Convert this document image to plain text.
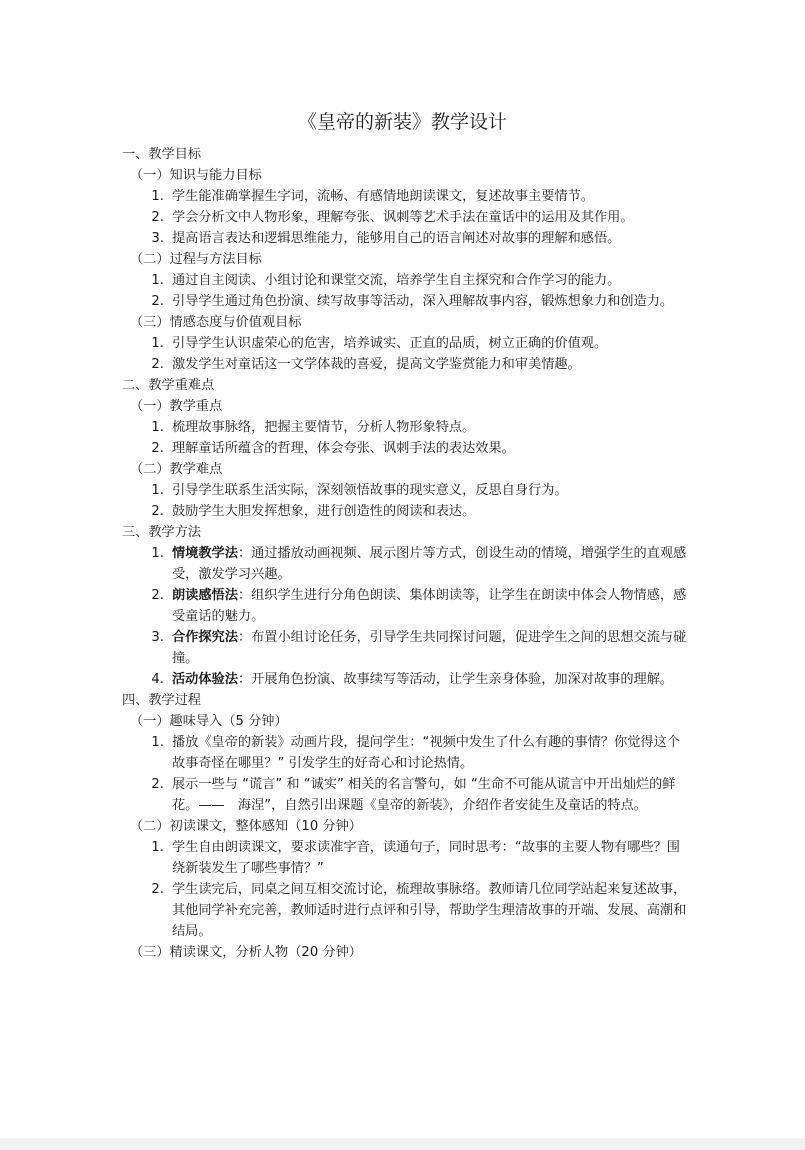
《皇帝的新装》教学设计
一、教学目标
（一）知识与能力目标
1. 学生能准确掌握生字词，流畅、有感情地朗读课文，复述故事主要情节。
2. 学会分析文中人物形象，理解夸张、讽刺等艺术手法在童话中的运用及其作用。
3. 提高语言表达和逻辑思维能力，能够用自己的语言阐述对故事的理解和感悟。
（二）过程与方法目标
1. 通过自主阅读、小组讨论和课堂交流，培养学生自主探究和合作学习的能力。
2. 引导学生通过角色扮演、续写故事等活动，深入理解故事内容，锻炼想象力和创造力。
（三）情感态度与价值观目标
1. 引导学生认识虚荣心的危害，培养诚实、正直的品质，树立正确的价值观。
2. 激发学生对童话这一文学体裁的喜爱，提高文学鉴赏能力和审美情趣。
二、教学重难点
（一）教学重点
1. 梳理故事脉络，把握主要情节，分析人物形象特点。
2. 理解童话所蕴含的哲理，体会夸张、讽刺手法的表达效果。
（二）教学难点
1. 引导学生联系生活实际，深刻领悟故事的现实意义，反思自身行为。
2. 鼓励学生大胆发挥想象，进行创造性的阅读和表达。
三、教学方法
1. 情境教学法：通过播放动画视频、展示图片等方式，创设生动的情境，增强学生的直观感受，激发学习兴趣。
2. 朗读感悟法：组织学生进行分角色朗读、集体朗读等，让学生在朗读中体会人物情感，感受童话的魅力。
3. 合作探究法：布置小组讨论任务，引导学生共同探讨问题，促进学生之间的思想交流与碰撞。
4. 活动体验法：开展角色扮演、故事续写等活动，让学生亲身体验，加深对故事的理解。
四、教学过程
（一）趣味导入（5 分钟）
1. 播放《皇帝的新装》动画片段，提问学生：“视频中发生了什么有趣的事情？你觉得这个故事奇怪在哪里？” 引发学生的好奇心和讨论热情。
2. 展示一些与 “谎言” 和 “诚实” 相关的名言警句，如 “生命不可能从谎言中开出灿烂的鲜花。——　海涅”，自然引出课题《皇帝的新装》，介绍作者安徒生及童话的特点。
（二）初读课文，整体感知（10 分钟）
1. 学生自由朗读课文，要求读准字音，读通句子，同时思考：“故事的主要人物有哪些？围绕新装发生了哪些事情？”
2. 学生读完后，同桌之间互相交流讨论，梳理故事脉络。教师请几位同学站起来复述故事，其他同学补充完善，教师适时进行点评和引导，帮助学生理清故事的开端、发展、高潮和结局。
（三）精读课文，分析人物（20 分钟）
